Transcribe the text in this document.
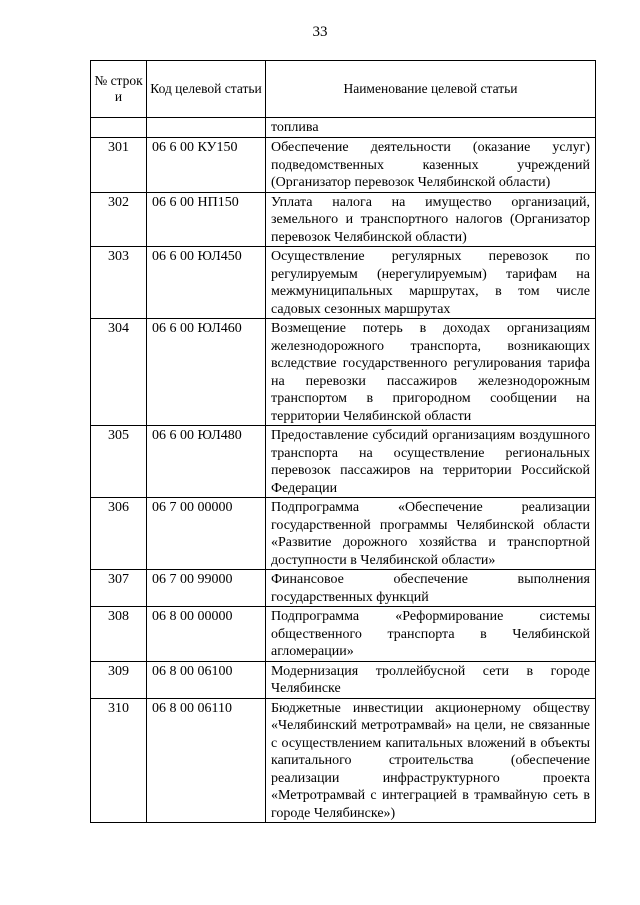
33
№ строк и	Код целевой статьи	Наименование целевой статьи
		топлива
301	06 6 00 КУ150	Обеспечение деятельности (оказание услуг) подведомственных казенных учреждений (Организатор перевозок Челябинской области)
302	06 6 00 НП150	Уплата налога на имущество организаций, земельного и транспортного налогов (Организатор перевозок Челябинской области)
303	06 6 00 ЮЛ450	Осуществление регулярных перевозок по регулируемым (нерегулируемым) тарифам на межмуниципальных маршрутах, в том числе садовых сезонных маршрутах
304	06 6 00 ЮЛ460	Возмещение потерь в доходах организациям железнодорожного транспорта, возникающих вследствие государственного регулирования тарифа на перевозки пассажиров железнодорожным транспортом в пригородном сообщении на территории Челябинской области
305	06 6 00 ЮЛ480	Предоставление субсидий организациям воздушного транспорта на осуществление региональных перевозок пассажиров на территории Российской Федерации
306	06 7 00 00000	Подпрограмма «Обеспечение реализации государственной программы Челябинской области «Развитие дорожного хозяйства и транспортной доступности в Челябинской области»
307	06 7 00 99000	Финансовое обеспечение выполнения государственных функций
308	06 8 00 00000	Подпрограмма «Реформирование системы общественного транспорта в Челябинской агломерации»
309	06 8 00 06100	Модернизация троллейбусной сети в городе Челябинске
310	06 8 00 06110	Бюджетные инвестиции акционерному обществу «Челябинский метротрамвай» на цели, не связанные с осуществлением капитальных вложений в объекты капитального строительства (обеспечение реализации инфраструктурного проекта «Метротрамвай с интеграцией в трамвайную сеть в городе Челябинске»)
